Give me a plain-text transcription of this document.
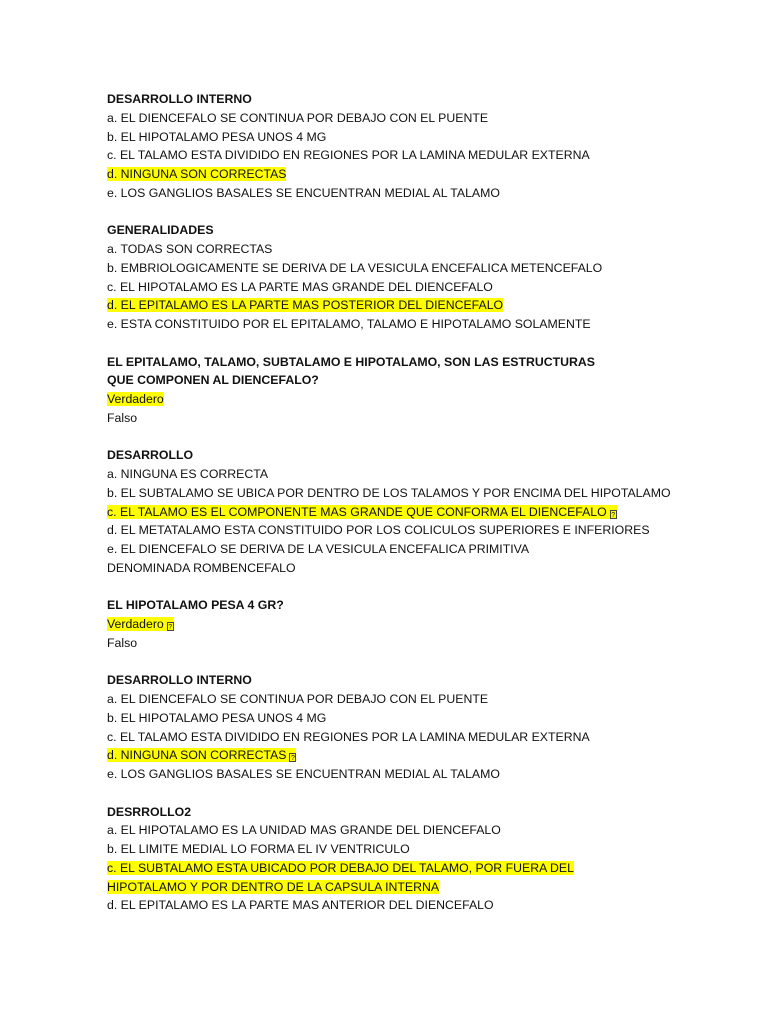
DESARROLLO INTERNO
a. EL DIENCEFALO SE CONTINUA POR DEBAJO CON EL PUENTE
b. EL HIPOTALAMO PESA UNOS 4 MG
c. EL TALAMO ESTA DIVIDIDO EN REGIONES POR LA LAMINA MEDULAR EXTERNA
d. NINGUNA SON CORRECTAS
e. LOS GANGLIOS BASALES SE ENCUENTRAN MEDIAL AL TALAMO
GENERALIDADES
a. TODAS SON CORRECTAS
b. EMBRIOLOGICAMENTE SE DERIVA DE LA VESICULA ENCEFALICA METENCEFALO
c. EL HIPOTALAMO ES LA PARTE MAS GRANDE DEL DIENCEFALO
d. EL EPITALAMO ES LA PARTE MAS POSTERIOR DEL DIENCEFALO
e. ESTA CONSTITUIDO POR EL EPITALAMO, TALAMO E HIPOTALAMO SOLAMENTE
EL EPITALAMO, TALAMO, SUBTALAMO E HIPOTALAMO, SON LAS ESTRUCTURAS QUE COMPONEN AL DIENCEFALO?
Verdadero
Falso
DESARROLLO
a. NINGUNA ES CORRECTA
b. EL SUBTALAMO SE UBICA POR DENTRO DE LOS TALAMOS Y POR ENCIMA DEL HIPOTALAMO
c. EL TALAMO ES EL COMPONENTE MAS GRANDE QUE CONFORMA EL DIENCEFALO ?
d. EL METATALAMO ESTA CONSTITUIDO POR LOS COLICULOS SUPERIORES E INFERIORES
e. EL DIENCEFALO SE DERIVA DE LA VESICULA ENCEFALICA PRIMITIVA DENOMINADA ROMBENCEFALO
EL HIPOTALAMO PESA 4 GR?
Verdadero ?
Falso
DESARROLLO INTERNO
a. EL DIENCEFALO SE CONTINUA POR DEBAJO CON EL PUENTE
b. EL HIPOTALAMO PESA UNOS 4 MG
c. EL TALAMO ESTA DIVIDIDO EN REGIONES POR LA LAMINA MEDULAR EXTERNA
d. NINGUNA SON CORRECTAS ?
e. LOS GANGLIOS BASALES SE ENCUENTRAN MEDIAL AL TALAMO
DESRROLLO2
a. EL HIPOTALAMO ES LA UNIDAD MAS GRANDE DEL DIENCEFALO
b. EL LIMITE MEDIAL LO FORMA EL IV VENTRICULO
c. EL SUBTALAMO ESTA UBICADO POR DEBAJO DEL TALAMO, POR FUERA DEL
HIPOTALAMO Y POR DENTRO DE LA CAPSULA INTERNA
d. EL EPITALAMO ES LA PARTE MAS ANTERIOR DEL DIENCEFALO
